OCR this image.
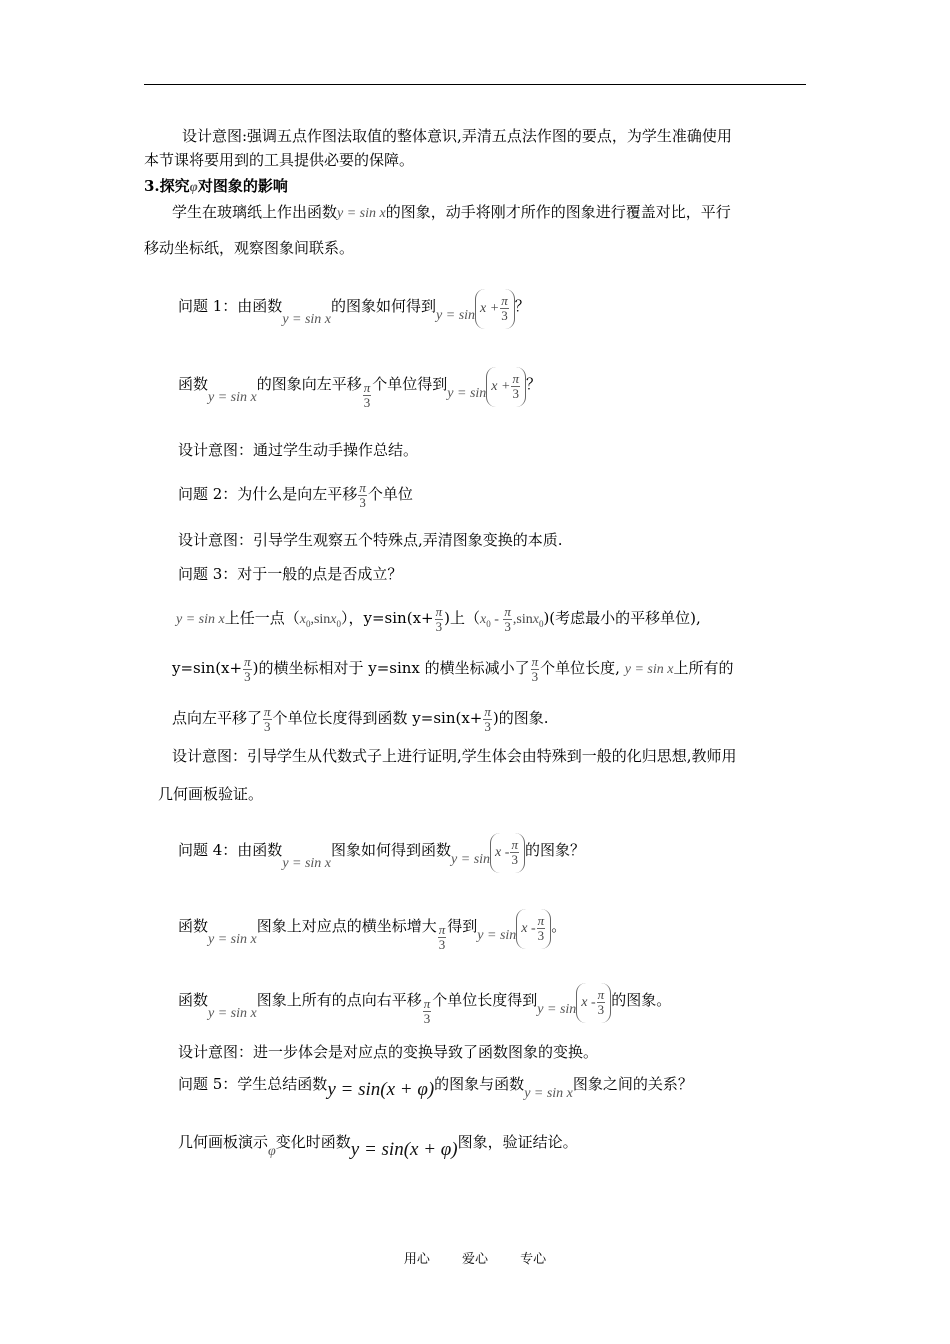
设计意图:强调五点作图法取值的整体意识,弄清五点法作图的要点，为学生准确使用
本节课将要用到的工具提供必要的保障。
3.探究φ对图象的影响
学生在玻璃纸上作出函数y = sin x的图象，动手将刚才所作的图象进行覆盖对比，平行
移动坐标纸，观察图象间联系。
问题 1：由函数y = sin x的图象如何得到$y = \sin x + \frac{\pi}{3}$ ？
函数y = sin x的图象向左平移 $\frac{\pi}{3}$ 个单位得到$y = \sin x + \frac{\pi}{3}$ ？
设计意图：通过学生动手操作总结。
问题 2：为什么是向左平移 $\frac{\pi}{3}$ 个单位
设计意图：引导学生观察五个特殊点,弄清图象变换的本质.
问题 3：对于一般的点是否成立？
y = sin x上任一点$(x_0,\sin x_0)$，$y=\sin(x+ \frac{\pi}{3}$ )上$(x_0 - \frac{\pi}{3} ,\sin x_0)$(考虑最小的平移单位),
$y=\sin(x+ \frac{\pi}{3}$ )的横坐标相对于 y=sinx 的横坐标减小了 $\frac{\pi}{3}$ 个单位长度, y = sin x上所有的
点向左平移了 $\frac{\pi}{3}$ 个单位长度得到函数 $y=\sin(x+ \frac{\pi}{3}$ )的图象.
设计意图：引导学生从代数式子上进行证明,学生体会由特殊到一般的化归思想,教师用
几何画板验证。
问题 4：由函数y = sin x图象如何得到函数$y = \sin x - \frac{\pi}{3}$ 的图象？
函数y = sin x图象上对应点的横坐标增大 $\frac{\pi}{3}$ 得到$y = \sin x - \frac{\pi}{3}$ 。
函数y = sin x图象上所有的点向右平移 $\frac{\pi}{3}$ 个单位长度得到$y = \sin x - \frac{\pi}{3}$ 的图象。
设计意图：进一步体会是对应点的变换导致了函数图象的变换。
问题 5：学生总结函数y = sin(x + φ)的图象与函数y = sin x图象之间的关系？
几何画板演示φ变化时函数y = sin(x + φ)图象，验证结论。
用心 爱心 专心
